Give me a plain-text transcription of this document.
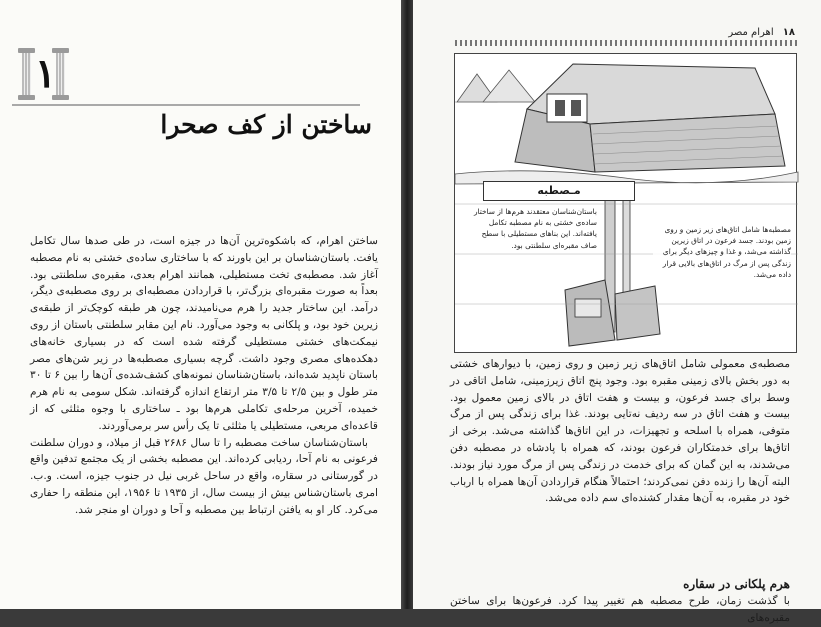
۱
ساختن از کف صحرا

ساختن اهرام، که باشکوه‌ترین آن‌ها در جیزه است، در طی صدها سال تکامل یافت. باستان‌شناسان بر این باورند که با ساختاری ساده‌ی خشتی به نام مصطبه آغاز شد. مصطبه‌ی تخت مستطیلی، همانند اهرام بعدی، مقبره‌ی سلطنتی بود. بعداً به صورت مقبره‌ای بزرگ‌تر، با قراردادن مصطبه‌ای بر روی مصطبه‌ی دیگر، درآمد. این ساختار جدید را هرم می‌نامیدند، چون هر طبقه کوچک‌تر از طبقه‌ی زیرین خود بود، و پلکانی به وجود می‌آورد. نام این مقابر سلطنتی باستان از روی نیمکت‌های خشتی مستطیلی گرفته شده است که در بسیاری خانه‌های دهکده‌های مصری وجود داشت. گرچه بسیاری مصطبه‌ها در زیر شن‌های مصر باستان ناپدید شده‌اند، باستان‌شناسان نمونه‌های کشف‌شده‌ی آن‌ها را بین ۶ تا ۳۰ متر طول و بین ۲/۵ تا ۳/۵ متر ارتفاع اندازه گرفته‌اند. شکل سومی به نام هرم خمیده، آخرین مرحله‌ی تکاملی هرم‌ها بود ـ ساختاری با وجوه مثلثی که از قاعده‌ای مربعی، مستطیلی یا مثلثی تا یک رأس سر برمی‌آوردند.

باستان‌شناسان ساخت مصطبه را تا سال ۲۶۸۶ قبل از میلاد، و دوران سلطنت فرعونی به نام آحا، ردیابی کرده‌اند. این مصطبه بخشی از یک مجتمع تدفین واقع در گورستانی در سقاره، واقع در ساحل غربی نیل در جنوب جیزه، است. و.ب. امری باستان‌شناس بیش از بیست سال، از ۱۹۳۵ تا ۱۹۵۶، این منطقه را حفاری می‌کرد. کار او به یافتن ارتباط بین مصطبه و آحا و دوران او منجر شد.

۱۸ اهرام مصر
مـصطبه
باستان‌شناسان معتقدند هرم‌ها از ساختار ساده‌ی خشتی به نام مصطبه تکامل یافته‌اند. این بناهای مستطیلی با سطح صاف مقبره‌ای سلطنتی بود.
مصطبه‌ها شامل اتاق‌های زیر زمین و روی زمین بودند. جسد فرعون در اتاق زیرین گذاشته می‌شد، و غذا و چیزهای دیگر برای زندگی پس از مرگ در اتاق‌های بالایی قرار داده می‌شد.
مصطبه‌ی معمولی شامل اتاق‌های زیر زمین و روی زمین، با دیوارهای خشتی به دور بخش بالای زمینی مقبره بود. وجود پنج اتاق زیرزمینی، شامل اتاقی در وسط برای جسد فرعون، و بیست و هفت اتاق در بالای زمین معمول بود. بیست و هفت اتاق در سه ردیف نه‌تایی بودند. غذا برای زندگی پس از مرگ متوفی، همراه با اسلحه و تجهیزات، در این اتاق‌ها گذاشته می‌شد. برخی از اتاق‌ها برای خدمتکاران فرعون بودند، که همراه با پادشاه در مصطبه دفن می‌شدند، به این گمان که برای خدمت در زندگی پس از مرگ مورد نیاز بودند. البته آن‌ها را زنده دفن نمی‌کردند؛ احتمالاً هنگام قراردادن آن‌ها همراه با ارباب خود در مقبره، به آن‌ها مقدار کشنده‌ای سم داده می‌شد.
هرم پلکانی در سقاره
با گذشت زمان، طرح مصطبه هم تغییر پیدا کرد. فرعون‌ها برای ساختن مقبره‌های
